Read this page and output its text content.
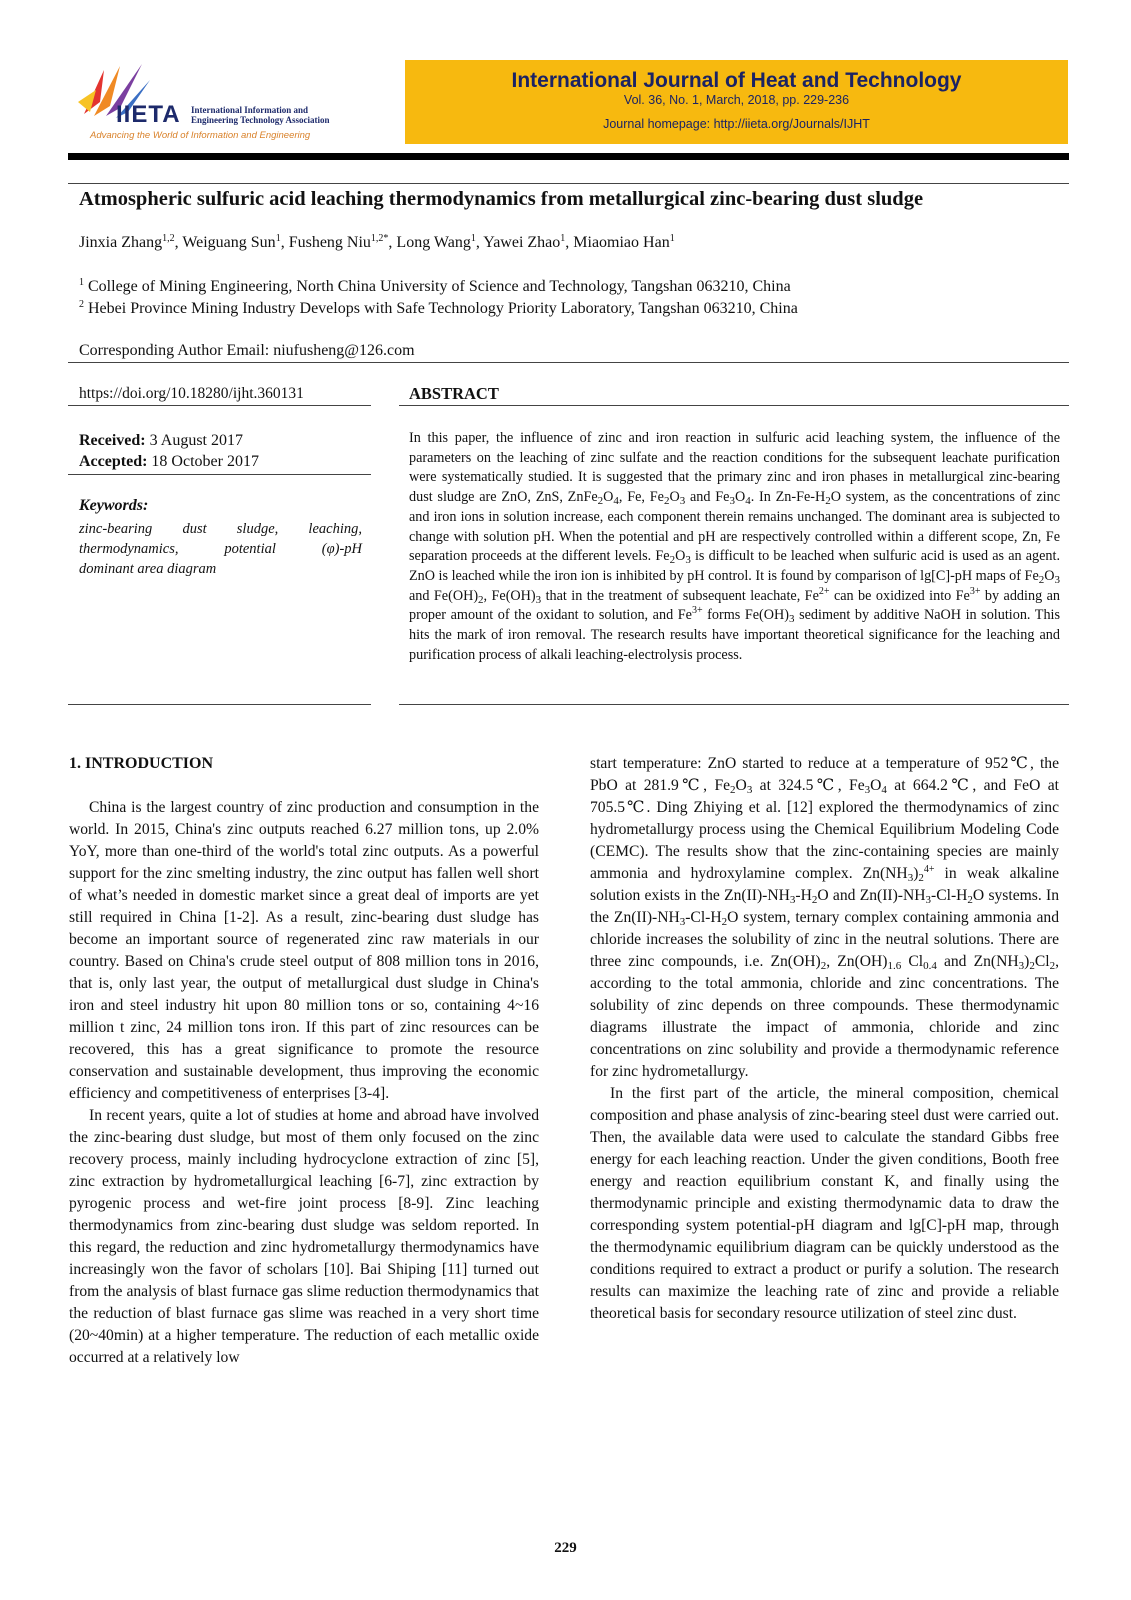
IIETA International Information and
Engineering Technology Association
Advancing the World of Information and Engineering
International Journal of Heat and Technology
Vol. 36, No. 1, March, 2018, pp. 229-236
Journal homepage: http://iieta.org/Journals/IJHT
Atmospheric sulfuric acid leaching thermodynamics from metallurgical zinc-bearing dust sludge
Jinxia Zhang$^{1,2}$, Weiguang Sun$^1$, Fusheng Niu$^{1,2*}$, Long Wang$^1$, Yawei Zhao$^1$, Miaomiao Han$^1$
$^1$ College of Mining Engineering, North China University of Science and Technology, Tangshan 063210, China
$^2$ Hebei Province Mining Industry Develops with Safe Technology Priority Laboratory, Tangshan 063210, China
Corresponding Author Email: niufusheng@126.com
https://doi.org/10.18280/ijht.360131
Received: 3 August 2017
Accepted: 18 October 2017
Keywords:
zinc-bearing dust sludge, leaching,
thermodynamics, potential (φ)-pH
dominant area diagram
ABSTRACT
In this paper, the influence of zinc and iron reaction in sulfuric acid leaching system, the influence of the parameters on the leaching of zinc sulfate and the reaction conditions for the subsequent leachate purification were systematically studied. It is suggested that the primary zinc and iron phases in metallurgical zinc-bearing dust sludge are ZnO, ZnS, $ZnFe_2O_4$, Fe, $Fe_2O_3$ and $Fe_3O_4$. In $Zn-Fe-H_2O$ system, as the concentrations of zinc and iron ions in solution increase, each component therein remains unchanged. The dominant area is subjected to change with solution pH. When the potential and pH are respectively controlled within a different scope, Zn, Fe separation proceeds at the different levels. $Fe_2O_3$ is difficult to be leached when sulfuric acid is used as an agent. ZnO is leached while the iron ion is inhibited by pH control. It is found by comparison of lg[C]-pH maps of $Fe_2O_3$ and $Fe(OH)_2$, $Fe(OH)_3$ that in the treatment of subsequent leachate, $Fe^{2+}$ can be oxidized into $Fe^{3+}$ by adding an proper amount of the oxidant to solution, and $Fe^{3+}$ forms $Fe(OH)_3$ sediment by additive NaOH in solution. This hits the mark of iron removal. The research results have important theoretical significance for the leaching and purification process of alkali leaching-electrolysis process.

1. INTRODUCTION

China is the largest country of zinc production and consumption in the world. In 2015, China's zinc outputs reached 6.27 million tons, up 2.0% YoY, more than one-third of the world's total zinc outputs. As a powerful support for the zinc smelting industry, the zinc output has fallen well short of what’s needed in domestic market since a great deal of imports are yet still required in China [1-2]. As a result, zinc-bearing dust sludge has become an important source of regenerated zinc raw materials in our country. Based on China's crude steel output of 808 million tons in 2016, that is, only last year, the output of metallurgical dust sludge in China's iron and steel industry hit upon 80 million tons or so, containing 4~16 million t zinc, 24 million tons iron. If this part of zinc resources can be recovered, this has a great significance to promote the resource conservation and sustainable development, thus improving the economic efficiency and competitiveness of enterprises [3-4].

In recent years, quite a lot of studies at home and abroad have involved the zinc-bearing dust sludge, but most of them only focused on the zinc recovery process, mainly including hydrocyclone extraction of zinc [5], zinc extraction by hydrometallurgical leaching [6-7], zinc extraction by pyrogenic process and wet-fire joint process [8-9]. Zinc leaching thermodynamics from zinc-bearing dust sludge was seldom reported. In this regard, the reduction and zinc hydrometallurgy thermodynamics have increasingly won the favor of scholars [10]. Bai Shiping [11] turned out from the analysis of blast furnace gas slime reduction thermodynamics that the reduction of blast furnace gas slime was reached in a very short time (20~40min) at a higher temperature. The reduction of each metallic oxide occurred at a relatively low

start temperature: ZnO started to reduce at a temperature of 952℃, the PbO at 281.9℃, $Fe_2O_3$ at 324.5℃, $Fe_3O_4$ at 664.2℃, and FeO at 705.5℃. Ding Zhiying et al. [12] explored the thermodynamics of zinc hydrometallurgy process using the Chemical Equilibrium Modeling Code (CEMC). The results show that the zinc-containing species are mainly ammonia and hydroxylamine complex. $Zn(NH_3)_2^{4+}$ in weak alkaline solution exists in the $Zn(II)-NH_3-H_2O$ and $Zn(II)-NH_3-Cl-H_2O$ systems. In the $Zn(II)-NH_3-Cl-H_2O$ system, ternary complex containing ammonia and chloride increases the solubility of zinc in the neutral solutions. There are three zinc compounds, i.e. $Zn(OH)_2$, $Zn(OH)_{1.6}$ $Cl_{0.4}$ and $Zn(NH_3)_2Cl_2$, according to the total ammonia, chloride and zinc concentrations. The solubility of zinc depends on three compounds. These thermodynamic diagrams illustrate the impact of ammonia, chloride and zinc concentrations on zinc solubility and provide a thermodynamic reference for zinc hydrometallurgy.

In the first part of the article, the mineral composition, chemical composition and phase analysis of zinc-bearing steel dust were carried out. Then, the available data were used to calculate the standard Gibbs free energy for each leaching reaction. Under the given conditions, Booth free energy and reaction equilibrium constant K, and finally using the thermodynamic principle and existing thermodynamic data to draw the corresponding system potential-pH diagram and lg[C]-pH map, through the thermodynamic equilibrium diagram can be quickly understood as the conditions required to extract a product or purify a solution. The research results can maximize the leaching rate of zinc and provide a reliable theoretical basis for secondary resource utilization of steel zinc dust.

229
